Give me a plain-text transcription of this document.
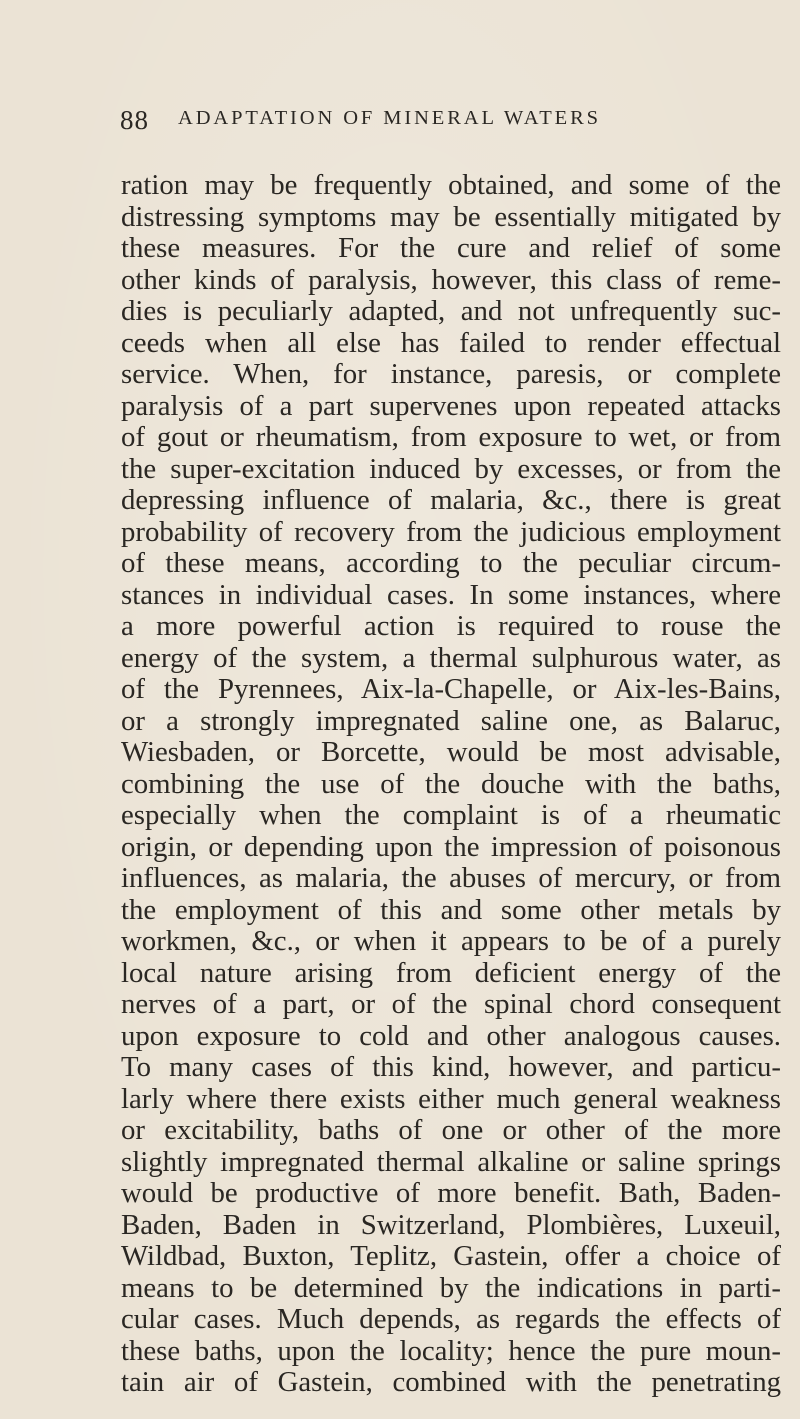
88 ADAPTATION OF MINERAL WATERS
ration may be frequently obtained, and some of the
distressing symptoms may be essentially mitigated by
these measures. For the cure and relief of some
other kinds of paralysis, however, this class of reme-
dies is peculiarly adapted, and not unfrequently suc-
ceeds when all else has failed to render effectual
service. When, for instance, paresis, or complete
paralysis of a part supervenes upon repeated attacks
of gout or rheumatism, from exposure to wet, or from
the super-excitation induced by excesses, or from the
depressing influence of malaria, &c., there is great
probability of recovery from the judicious employment
of these means, according to the peculiar circum-
stances in individual cases. In some instances, where
a more powerful action is required to rouse the
energy of the system, a thermal sulphurous water, as
of the Pyrennees, Aix-la-Chapelle, or Aix-les-Bains,
or a strongly impregnated saline one, as Balaruc,
Wiesbaden, or Borcette, would be most advisable,
combining the use of the douche with the baths,
especially when the complaint is of a rheumatic
origin, or depending upon the impression of poisonous
influences, as malaria, the abuses of mercury, or from
the employment of this and some other metals by
workmen, &c., or when it appears to be of a purely
local nature arising from deficient energy of the
nerves of a part, or of the spinal chord consequent
upon exposure to cold and other analogous causes.
To many cases of this kind, however, and particu-
larly where there exists either much general weakness
or excitability, baths of one or other of the more
slightly impregnated thermal alkaline or saline springs
would be productive of more benefit. Bath, Baden-
Baden, Baden in Switzerland, Plombières, Luxeuil,
Wildbad, Buxton, Teplitz, Gastein, offer a choice of
means to be determined by the indications in parti-
cular cases. Much depends, as regards the effects of
these baths, upon the locality; hence the pure moun-
tain air of Gastein, combined with the penetrating
